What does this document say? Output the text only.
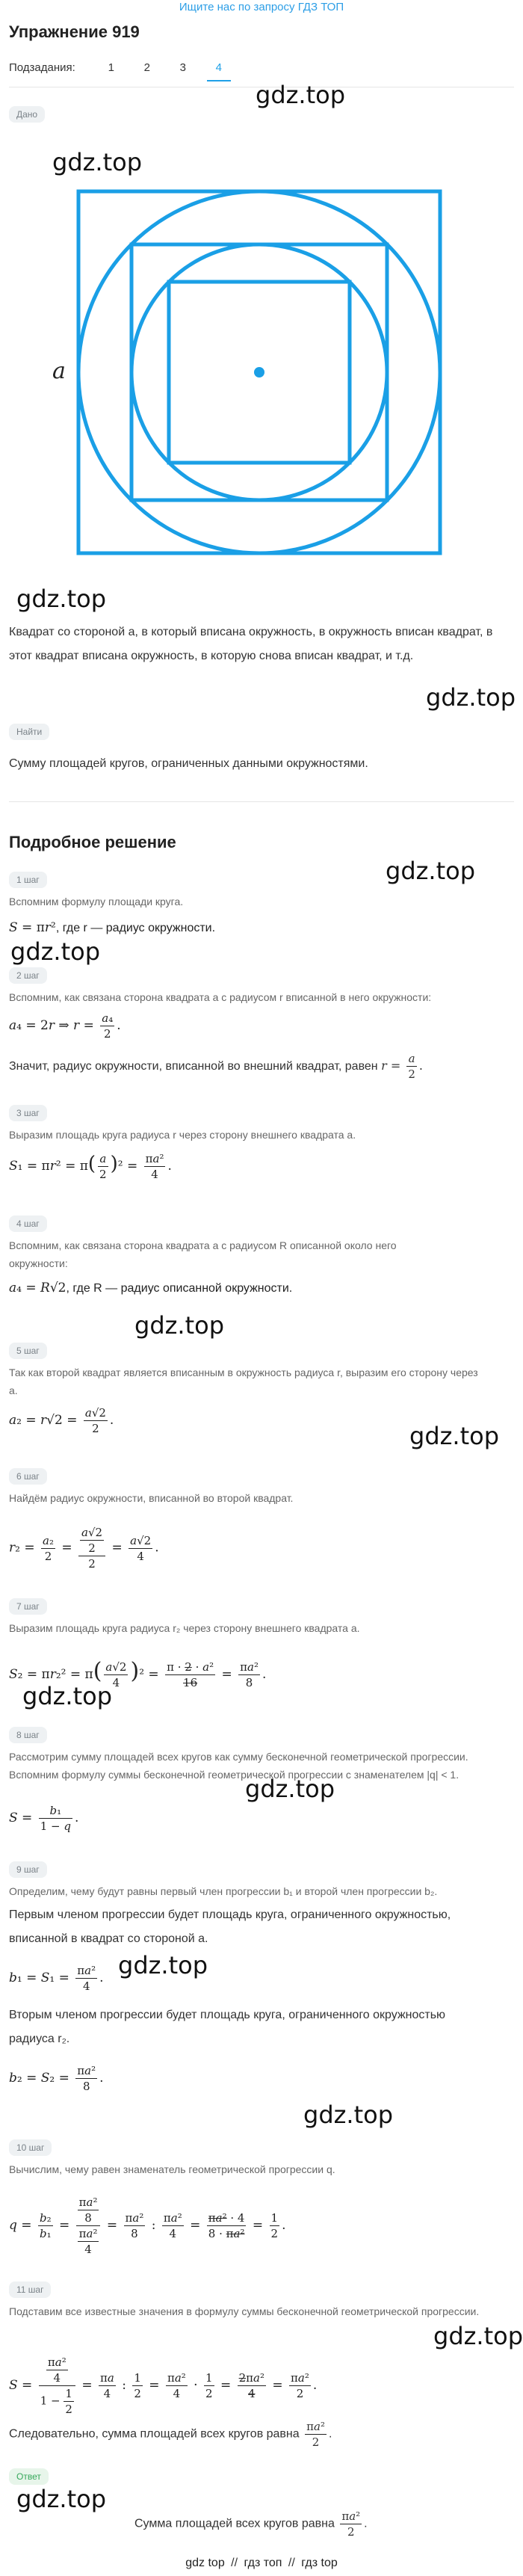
Ищите нас по запросу ГДЗ ТОП
Упражнение 919
Подзадания:	1	2	3	4
Дано
gdz.top
gdz.top
a
gdz.top
Квадрат со стороной a, в который вписана окружность, в окружность вписан квадрат, в этот квадрат вписана окружность, в которую снова вписан квадрат, и т.д.
gdz.top
Найти
Сумму площадей кругов, ограниченных данными окружностями.
Подробное решение
gdz.top
1 шаг
Вспомним формулу площади круга.
S = πr², где r — радиус окружности.
gdz.top
2 шаг
Вспомним, как связана сторона квадрата a с радиусом r вписанной в него окружности:
a₄ = 2r ⇒ $r = \frac{\text{a₄}}{2}$ .
Значит, радиус окружности, вписанной во внешний квадрат, равен $r = \frac{a}{2}$ .
3 шаг
Выразим площадь круга радиуса r через сторону внешнего квадрата a.
$S_1 = \pi r^2 = \pi( \frac{a}{2} )^2 = \frac{\text{πa²}}{4}$ .
4 шаг
Вспомним, как связана сторона квадрата a с радиусом R описанной около него окружности:
a₄ = R√2, где R — радиус описанной окружности.
gdz.top
5 шаг
Так как второй квадрат является вписанным в окружность радиуса r, выразим его сторону через a.
$a_2 = r√2 = \frac{a√2}{2}$ .
gdz.top
6 шаг
Найдём радиус окружности, вписанной во второй квадрат.
$r_2 = \frac{\text{a₂}}{2} = \frac{\frac{a√2}{2}}{2} = \frac{a√2}{4}$ .
7 шаг
Выразим площадь круга радиуса r₂ через сторону внешнего квадрата a.
$S_2 = \pi r_2^2 = \pi( \frac{a√2}{4} )^2 = \frac{\text{π · 2 · a²}}{16} = \frac{\text{πa²}}{8}$ .
gdz.top
8 шаг
Рассмотрим сумму площадей всех кругов как сумму бесконечной геометрической прогрессии. Вспомним формулу суммы бесконечной геометрической прогрессии с знаменателем |q| < 1.
gdz.top
$S = \frac{\text{b₁}}{1 - q}$ .
9 шаг
Определим, чему будут равны первый член прогрессии b₁ и второй член прогрессии b₂.
Первым членом прогрессии будет площадь круга, ограниченного окружностью, вписанной в квадрат со стороной a.
$b_1 = S_1 = \frac{\text{πa²}}{4}$ . gdz.top
Вторым членом прогрессии будет площадь круга, ограниченного окружностью радиуса r₂.
$b_2 = S_2 = \frac{\text{πa²}}{8}$ .
gdz.top
10 шаг
Вычислим, чему равен знаменатель геометрической прогрессии q.
$q = \frac{\text{b₂}}{\text{b₁}} = \frac{\frac{\text{πa²}}{8}}{\frac{\text{πa²}}{4}} = \frac{\text{πa²}}{8}$ : $\frac{\text{πa²}}{4} = \frac{\text{πa² · 4}}{\text{8 · πa²}} = \frac{1}{2}$ .
11 шаг
Подставим все известные значения в формулу суммы бесконечной геометрической прогрессии.
gdz.top
$S = \frac{\frac{\text{πa²}}{4}}{1 - \frac{1}{2}} = \frac{\pi a}{4}$ : $\frac{1}{2} = \frac{\text{πa²}}{4} \cdot \frac{1}{2} = \frac{\text{2πa²}}{4} = \frac{\text{πa²}}{2}$ .
Следовательно, сумма площадей всех кругов равна $\frac{\text{πa²}}{2}$ .
Ответ
gdz.top
Сумма площадей всех кругов равна $\frac{\text{πa²}}{2}$ .
gdz top // гдз топ // гдз top
